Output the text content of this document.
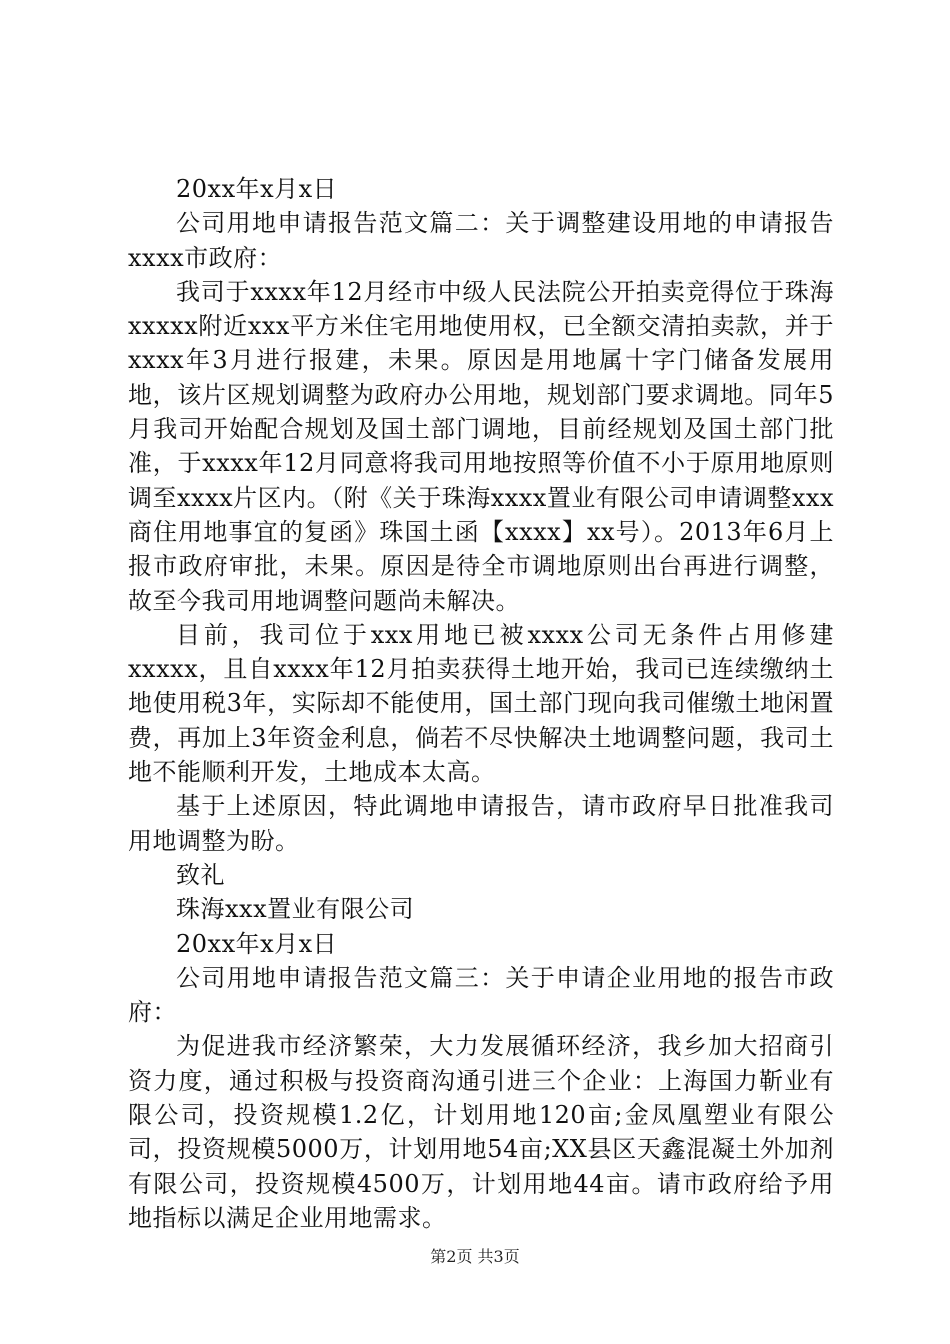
20xx年x月x日

公司用地申请报告范文篇二：关于调整建设用地的申请报告xxxx市政府：

我司于xxxx年12月经市中级人民法院公开拍卖竞得位于珠海xxxxx附近xxx平方米住宅用地使用权，已全额交清拍卖款，并于xxxx年3月进行报建，未果。原因是用地属十字门储备发展用地，该片区规划调整为政府办公用地，规划部门要求调地。同年5月我司开始配合规划及国土部门调地，目前经规划及国土部门批准，于xxxx年12月同意将我司用地按照等价值不小于原用地原则调至xxxx片区内。（附《关于珠海xxxx置业有限公司申请调整xxx商住用地事宜的复函》珠国土函【xxxx】xx号）。2013年6月上报市政府审批，未果。原因是待全市调地原则出台再进行调整，故至今我司用地调整问题尚未解决。

目前，我司位于xxx用地已被xxxx公司无条件占用修建xxxxx，且自xxxx年12月拍卖获得土地开始，我司已连续缴纳土地使用税3年，实际却不能使用，国土部门现向我司催缴土地闲置费，再加上3年资金利息，倘若不尽快解决土地调整问题，我司土地不能顺利开发，土地成本太高。

基于上述原因，特此调地申请报告，请市政府早日批准我司用地调整为盼。

致礼

珠海xxx置业有限公司

20xx年x月x日

公司用地申请报告范文篇三：关于申请企业用地的报告市政府：

为促进我市经济繁荣，大力发展循环经济，我乡加大招商引资力度，通过积极与投资商沟通引进三个企业：上海国力靳业有限公司，投资规模1.2亿，计划用地120亩;金凤凰塑业有限公司，投资规模5000万，计划用地54亩;XX县区天鑫混凝土外加剂有限公司，投资规模4500万，计划用地44亩。请市政府给予用地指标以满足企业用地需求。

第2页 共3页
